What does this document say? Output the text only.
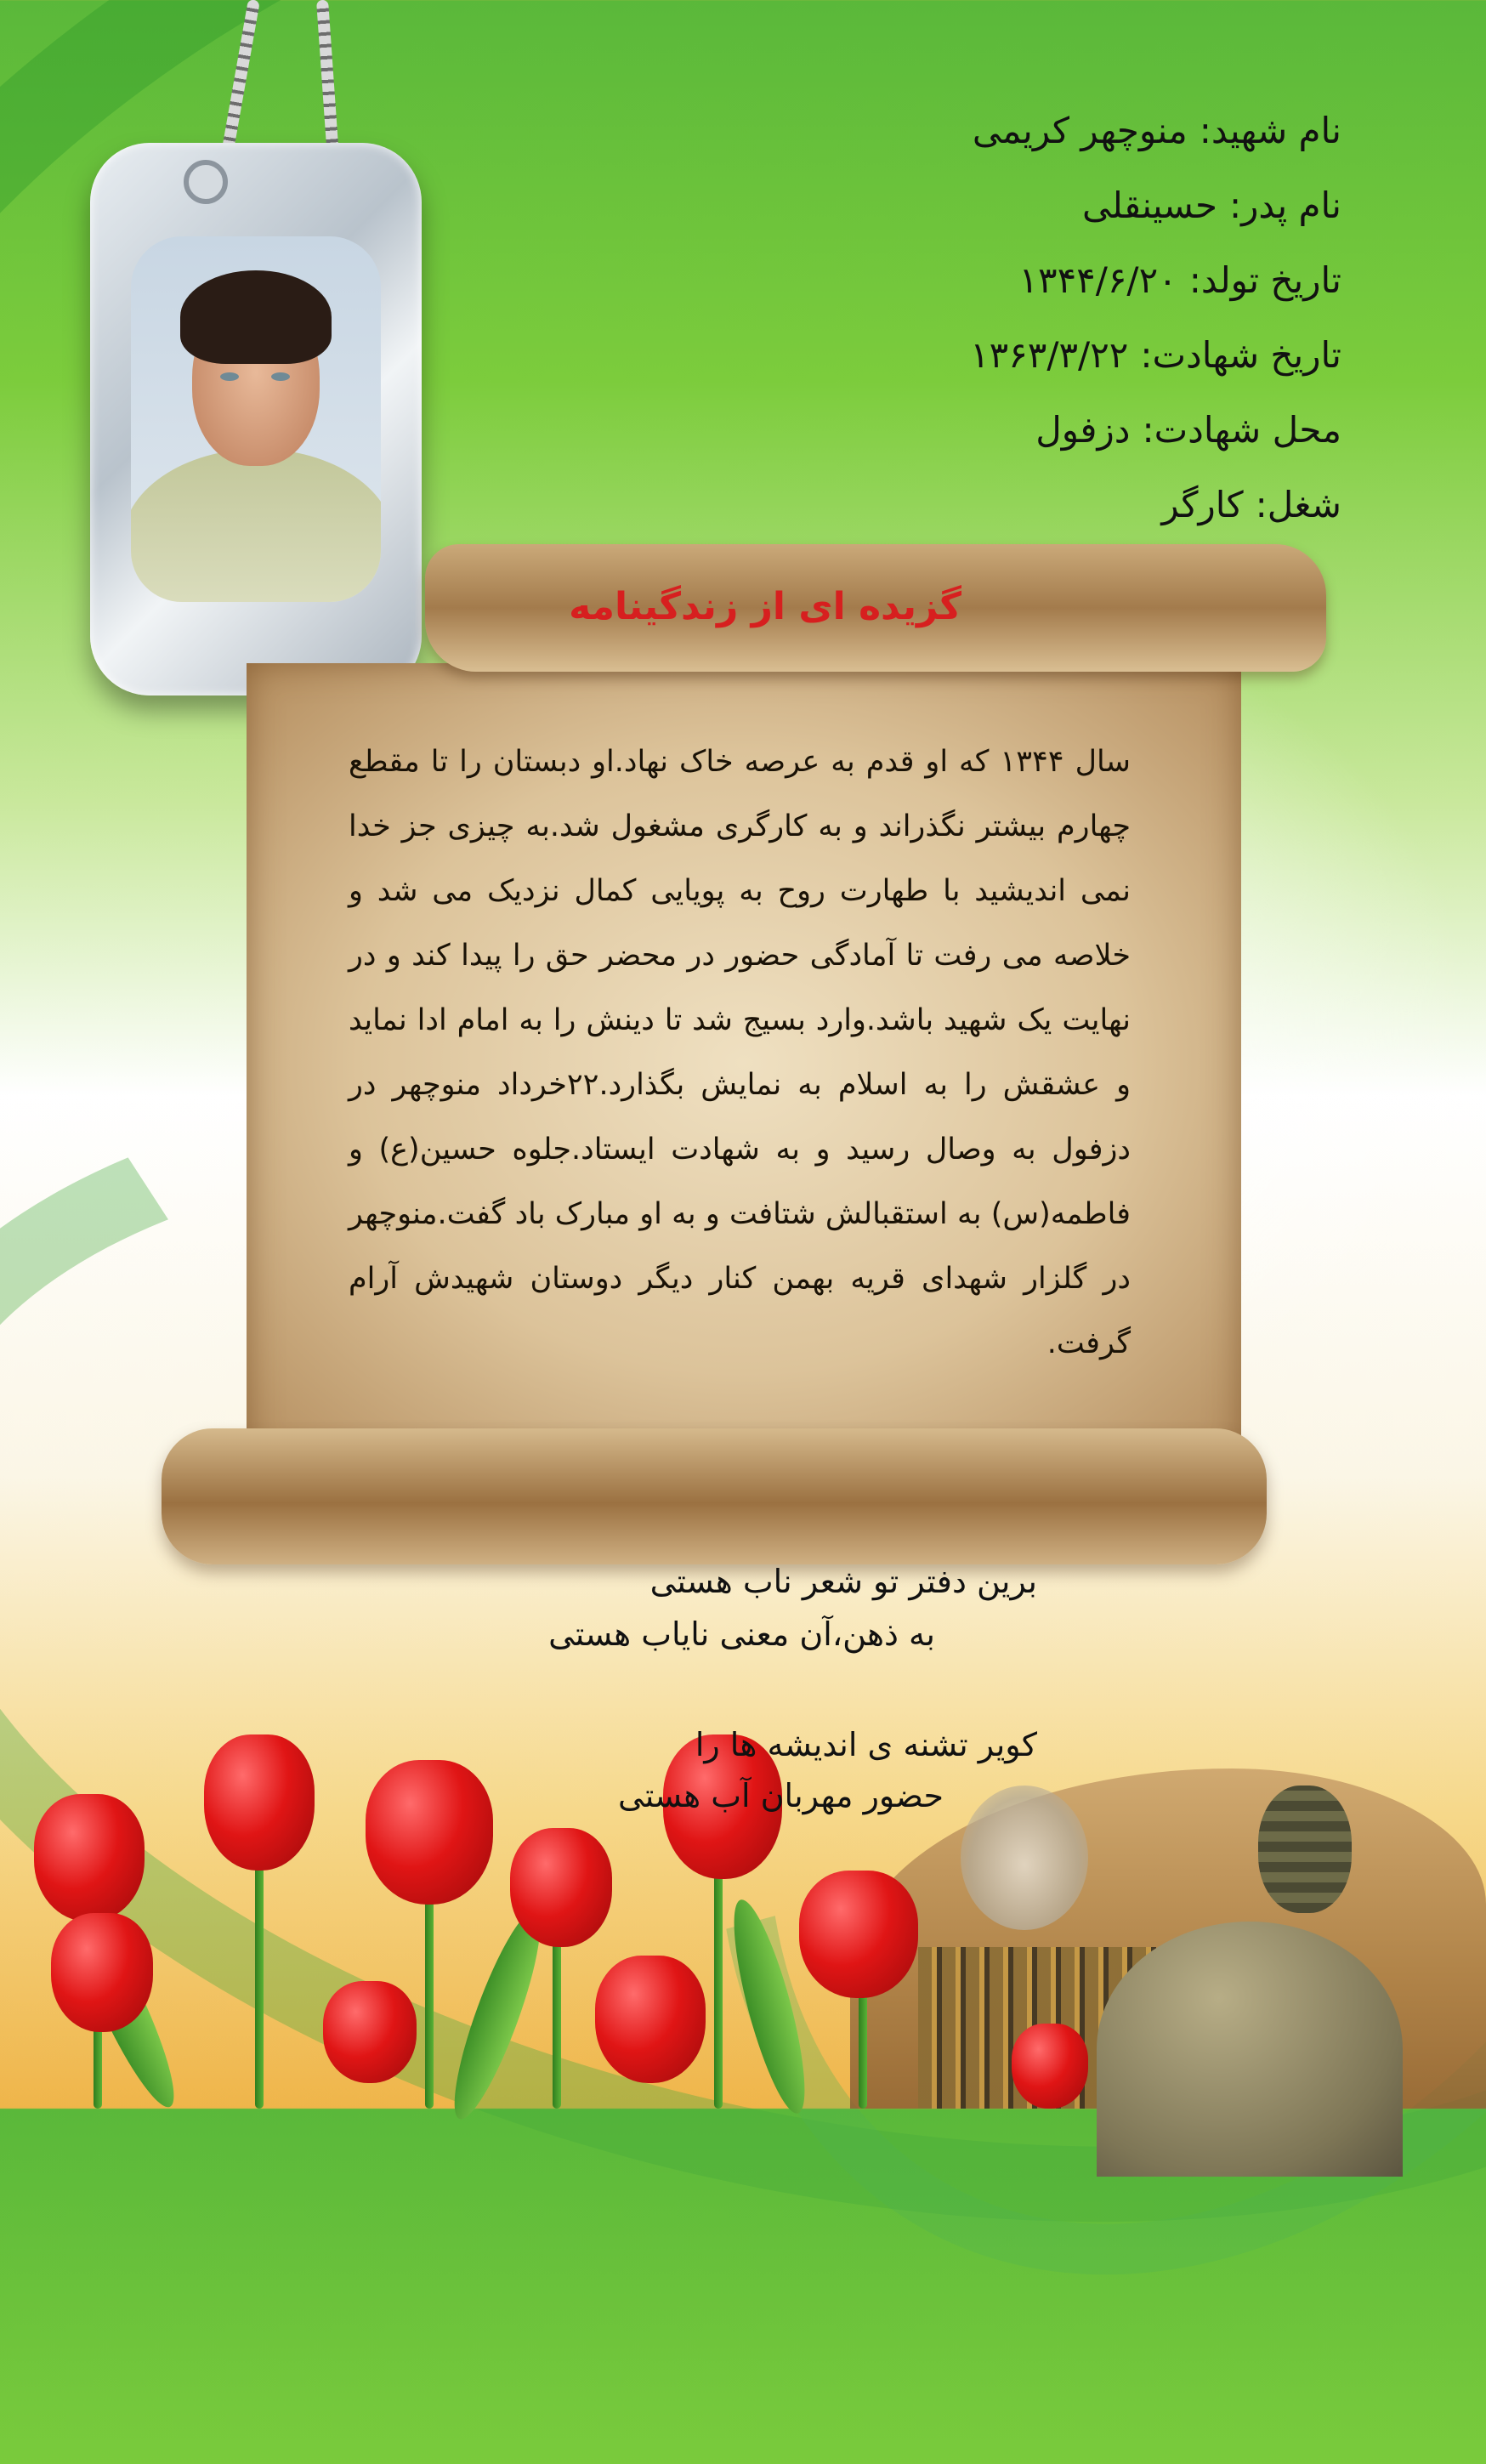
نام شهید:منوچهر کریمی
نام پدر:حسینقلی
تاریخ تولد:۱۳۴۴/۶/۲۰
تاریخ شهادت:۱۳۶۳/۳/۲۲
محل شهادت:دزفول
شغل:کارگر
گزیده ای از زندگینامه
سال ۱۳۴۴ که او قدم به عرصه خاک نهاد.او دبستان را تا مقطع چهارم بیشتر نگذراند و به کارگری مشغول شد.به چیزی جز خدا نمی اندیشید با طهارت روح به پویایی کمال نزدیک می شد و خلاصه می رفت تا آمادگی حضور در محضر حق را پیدا کند و در نهایت یک شهید باشد.وارد بسیج شد تا دینش را به امام ادا نماید و عشقش را به اسلام به نمایش بگذارد.۲۲خرداد منوچهر در دزفول به وصال رسید و به شهادت ایستاد.جلوه حسین(ع) و فاطمه(س) به استقبالش شتافت و به او مبارک باد گفت.منوچهر در گلزار شهدای قریه بهمن کنار دیگر دوستان شهیدش آرام گرفت.
برین دفتر تو شعر ناب هستی
به ذهن،آن معنی نایاب هستی
کویر تشنه ی اندیشه ها را
حضور مهربان آب هستی
